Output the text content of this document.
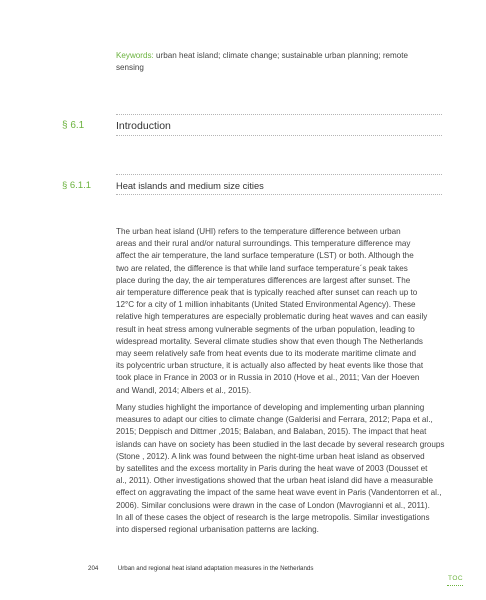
Keywords: urban heat island; climate change; sustainable urban planning; remote sensing
§ 6.1	Introduction
§ 6.1.1	Heat islands and medium size cities
The urban heat island (UHI) refers to the temperature difference between urban
areas and their rural and/or natural surroundings. This temperature difference may
affect the air temperature, the land surface temperature (LST) or both. Although the
two are related, the difference is that while land surface temperature´s peak takes
place during the day, the air temperatures differences are largest after sunset. The
air temperature difference peak that is typically reached after sunset can reach up to
12°C for a city of 1 million inhabitants (United Stated Environmental Agency). These
relative high temperatures are especially problematic during heat waves and can easily
result in heat stress among vulnerable segments of the urban population, leading to
widespread mortality. Several climate studies show that even though The Netherlands
may seem relatively safe from heat events due to its moderate maritime climate and
its polycentric urban structure, it is actually also affected by heat events like those that
took place in France in 2003 or in Russia in 2010 (Hove et al., 2011; Van der Hoeven
and Wandl, 2014; Albers et al., 2015).
Many studies highlight the importance of developing and implementing urban planning
measures to adapt our cities to climate change (Galderisi and Ferrara, 2012; Papa et al.,
2015; Deppisch and Dittmer ,2015; Balaban, and Balaban, 2015). The impact that heat
islands can have on society has been studied in the last decade by several research groups
(Stone , 2012). A link was found between the night-time urban heat island as observed
by satellites and the excess mortality in Paris during the heat wave of 2003 (Dousset et
al., 2011). Other investigations showed that the urban heat island did have a measurable
effect on aggravating the impact of the same heat wave event in Paris (Vandentorren et al.,
2006). Similar conclusions were drawn in the case of London (Mavrogianni et al., 2011).
In all of these cases the object of research is the large metropolis. Similar investigations
into dispersed regional urbanisation patterns are lacking.
204	Urban and regional heat island adaptation measures in the Netherlands
TOC
